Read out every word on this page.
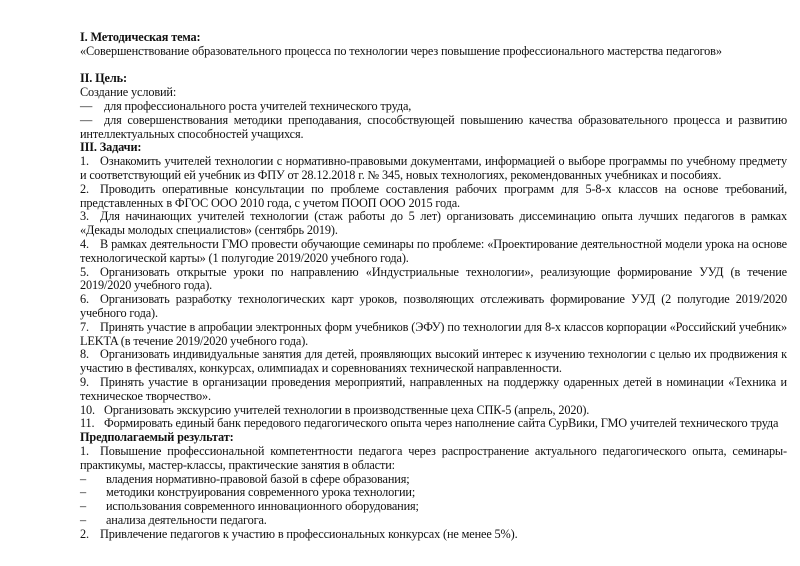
I. Методическая тема:

«Совершенствование образовательного процесса по технологии через повышение профессионального мастерства педагогов»

II. Цель:

Создание условий:

— для профессионального роста учителей технического труда,

— для совершенствования методики преподавания, способствующей повышению качества образовательного процесса и развитию интеллектуальных способностей учащихся.

III. Задачи:

1. Ознакомить учителей технологии с нормативно-правовыми документами, информацией о выборе программы по учебному предмету и соответствующий ей учебник из ФПУ от 28.12.2018 г. № 345, новых технологиях, рекомендованных учебниках и пособиях.

2. Проводить оперативные консультации по проблеме составления рабочих программ для 5-8-х классов на основе требований, представленных в ФГОС ООО 2010 года, с учетом ПООП ООО 2015 года.

3. Для начинающих учителей технологии (стаж работы до 5 лет) организовать диссеминацию опыта лучших педагогов в рамках «Декады молодых специалистов» (сентябрь 2019).

4. В рамках деятельности ГМО провести обучающие семинары по проблеме: «Проектирование деятельностной модели урока на основе технологической карты» (1 полугодие 2019/2020 учебного года).

5. Организовать открытые уроки по направлению «Индустриальные технологии», реализующие формирование УУД (в течение 2019/2020 учебного года).

6. Организовать разработку технологических карт уроков, позволяющих отслеживать формирование УУД (2 полугодие 2019/2020 учебного года).

7. Принять участие в апробации электронных форм учебников (ЭФУ) по технологии для 8-х классов корпорации «Российский учебник» LEKTA (в течение 2019/2020 учебного года).

8. Организовать индивидуальные занятия для детей, проявляющих высокий интерес к изучению технологии с целью их продвижения к участию в фестивалях, конкурсах, олимпиадах и соревнованиях технической направленности.

9. Принять участие в организации проведения мероприятий, направленных на поддержку одаренных детей в номинации «Техника и техническое творчество».

10. Организовать экскурсию учителей технологии в производственные цеха СПК-5 (апрель, 2020).

11. Формировать единый банк передового педагогического опыта через наполнение сайта СурВики, ГМО учителей технического труда

Предполагаемый результат:

1. Повышение профессиональной компетентности педагога через распространение актуального педагогического опыта, семинары-практикумы, мастер-классы, практические занятия в области:

– владения нормативно-правовой базой в сфере образования;

– методики конструирования современного урока технологии;

– использования современного инновационного оборудования;

– анализа деятельности педагога.

2. Привлечение педагогов к участию в профессиональных конкурсах (не менее 5%).
